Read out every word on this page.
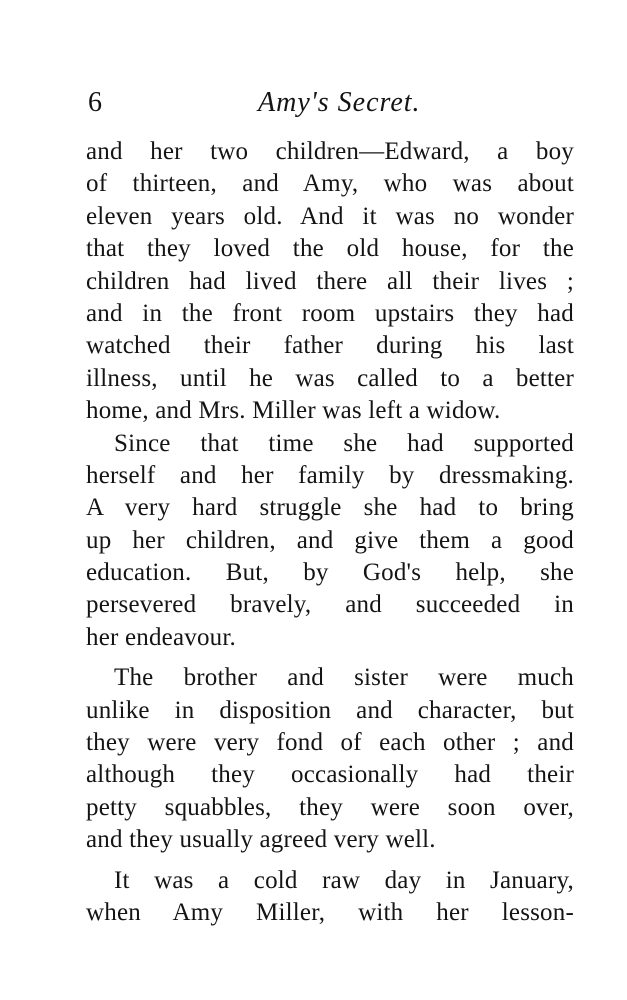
6	Amy's Secret.
and her two children—Edward, a boy
of thirteen, and Amy, who was about
eleven years old. And it was no wonder
that they loved the old house, for the
children had lived there all their lives ;
and in the front room upstairs they had
watched their father during his last
illness, until he was called to a better
home, and Mrs. Miller was left a widow.
Since that time she had supported
herself and her family by dressmaking.
A very hard struggle she had to bring
up her children, and give them a good
education. But, by God's help, she
persevered bravely, and succeeded in
her endeavour.
The brother and sister were much
unlike in disposition and character, but
they were very fond of each other ; and
although they occasionally had their
petty squabbles, they were soon over,
and they usually agreed very well.
It was a cold raw day in January,
when Amy Miller, with her lesson-
